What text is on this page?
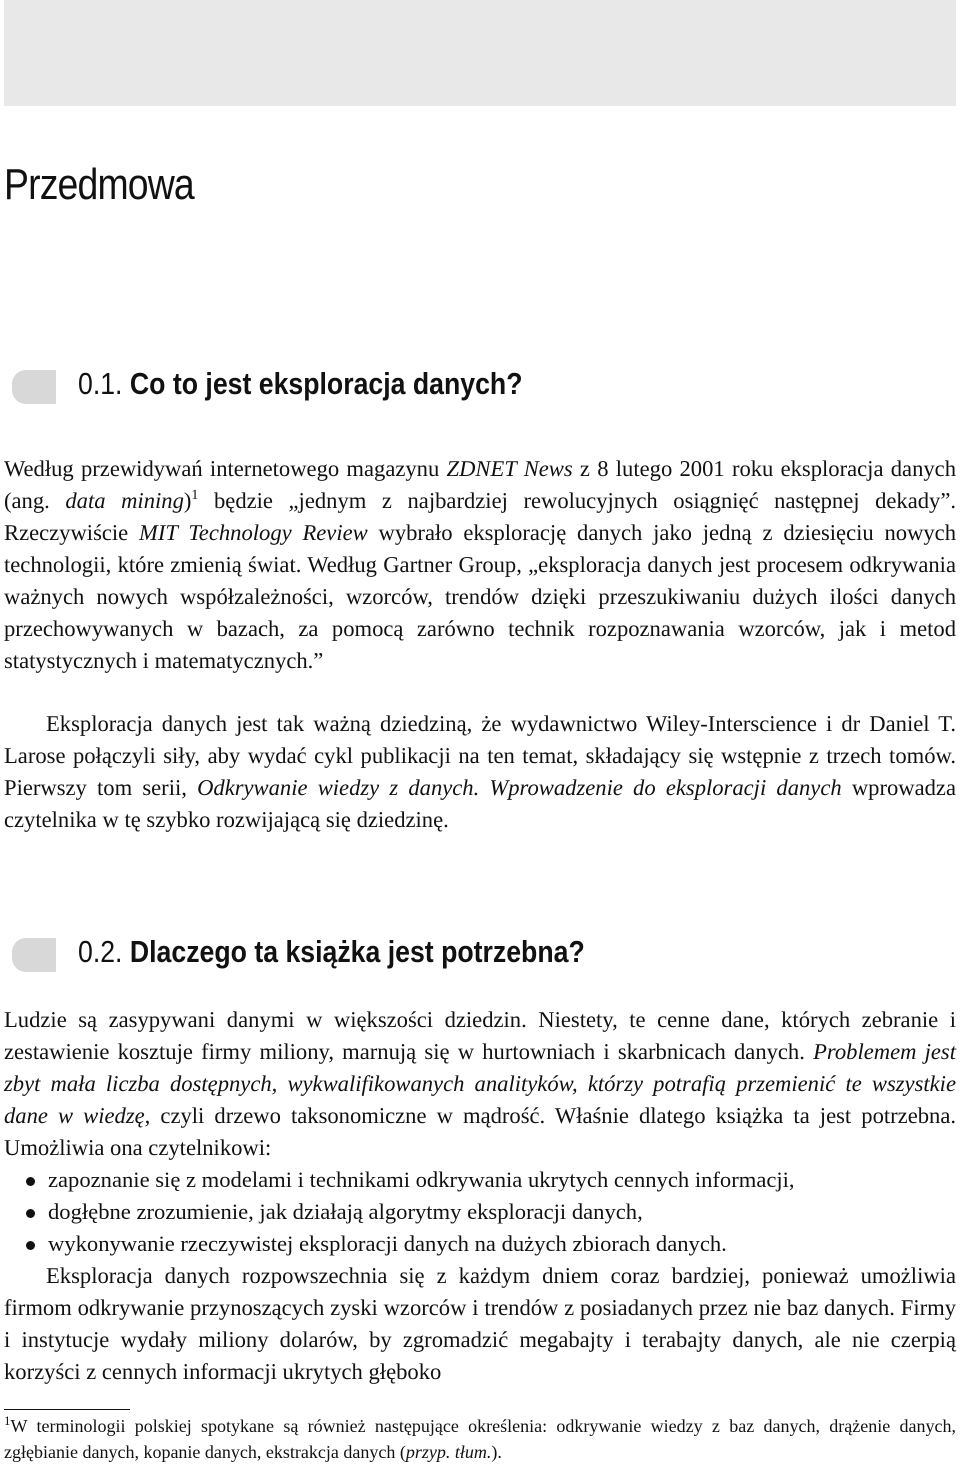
Przedmowa
0.1. Co to jest eksploracja danych?

Według przewidywań internetowego magazynu ZDNET News z 8 lutego 2001 roku eksploracja danych (ang. data mining)$^1$ będzie „jednym z najbardziej rewolucyjnych osiągnięć następnej dekady”. Rzeczywiście MIT Technology Review wybrało eksplorację danych jako jedną z dziesięciu nowych technologii, które zmienią świat. Według Gartner Group, „eksploracja danych jest procesem odkrywania ważnych nowych współzależności, wzorców, trendów dzięki przeszukiwaniu dużych ilości danych przechowywanych w bazach, za pomocą zarówno technik rozpoznawania wzorców, jak i metod statystycznych i matematycznych.”

Eksploracja danych jest tak ważną dziedziną, że wydawnictwo Wiley-Interscience i dr Daniel T. Larose połączyli siły, aby wydać cykl publikacji na ten temat, składający się wstępnie z trzech tomów. Pierwszy tom serii, Odkrywanie wiedzy z danych. Wprowadzenie do eksploracji danych wprowadza czytelnika w tę szybko rozwijającą się dziedzinę.

0.2. Dlaczego ta książka jest potrzebna?

Ludzie są zasypywani danymi w większości dziedzin. Niestety, te cenne dane, których zebranie i zestawienie kosztuje firmy miliony, marnują się w hurtowniach i skarbnicach danych. Problemem jest zbyt mała liczba dostępnych, wykwalifikowanych analityków, którzy potrafią przemienić te wszystkie dane w wiedzę, czyli drzewo taksonomiczne w mądrość. Właśnie dlatego książka ta jest potrzebna. Umożliwia ona czytelnikowi:

zapoznanie się z modelami i technikami odkrywania ukrytych cennych informacji,
dogłębne zrozumienie, jak działają algorytmy eksploracji danych,
wykonywanie rzeczywistej eksploracji danych na dużych zbiorach danych.

Eksploracja danych rozpowszechnia się z każdym dniem coraz bardziej, ponieważ umożliwia firmom odkrywanie przynoszących zyski wzorców i trendów z posiadanych przez nie baz danych. Firmy i instytucje wydały miliony dolarów, by zgromadzić megabajty i terabajty danych, ale nie czerpią korzyści z cennych informacji ukrytych głęboko

$^1$W terminologii polskiej spotykane są również następujące określenia: odkrywanie wiedzy z baz danych, drążenie danych, zgłębianie danych, kopanie danych, ekstrakcja danych (przyp. tłum.).
